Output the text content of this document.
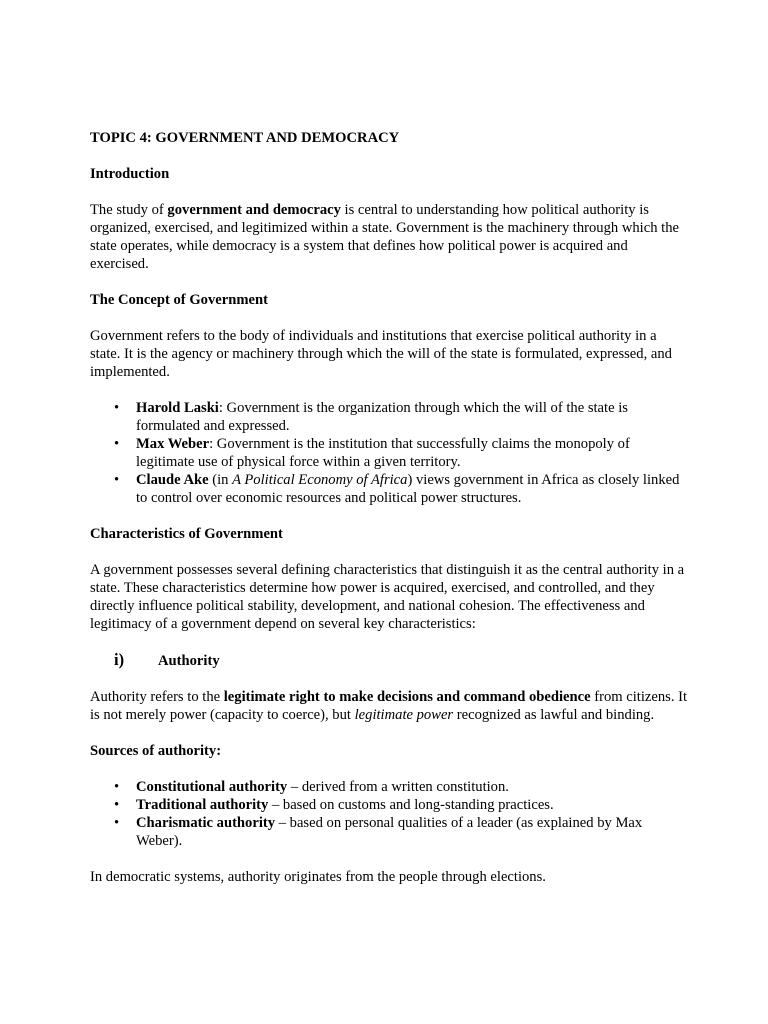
TOPIC 4: GOVERNMENT AND DEMOCRACY

Introduction

The study of government and democracy is central to understanding how political authority is organized, exercised, and legitimized within a state. Government is the machinery through which the state operates, while democracy is a system that defines how political power is acquired and exercised.

The Concept of Government

Government refers to the body of individuals and institutions that exercise political authority in a state. It is the agency or machinery through which the will of the state is formulated, expressed, and implemented.

• Harold Laski: Government is the organization through which the will of the state is formulated and expressed.
• Max Weber: Government is the institution that successfully claims the monopoly of legitimate use of physical force within a given territory.
• Claude Ake (in A Political Economy of Africa) views government in Africa as closely linked to control over economic resources and political power structures.

Characteristics of Government

A government possesses several defining characteristics that distinguish it as the central authority in a state. These characteristics determine how power is acquired, exercised, and controlled, and they directly influence political stability, development, and national cohesion. The effectiveness and legitimacy of a government depend on several key characteristics:

i)	Authority

Authority refers to the legitimate right to make decisions and command obedience from citizens. It is not merely power (capacity to coerce), but legitimate power recognized as lawful and binding.

Sources of authority:

• Constitutional authority – derived from a written constitution.
• Traditional authority – based on customs and long-standing practices.
• Charismatic authority – based on personal qualities of a leader (as explained by Max Weber).

In democratic systems, authority originates from the people through elections.
